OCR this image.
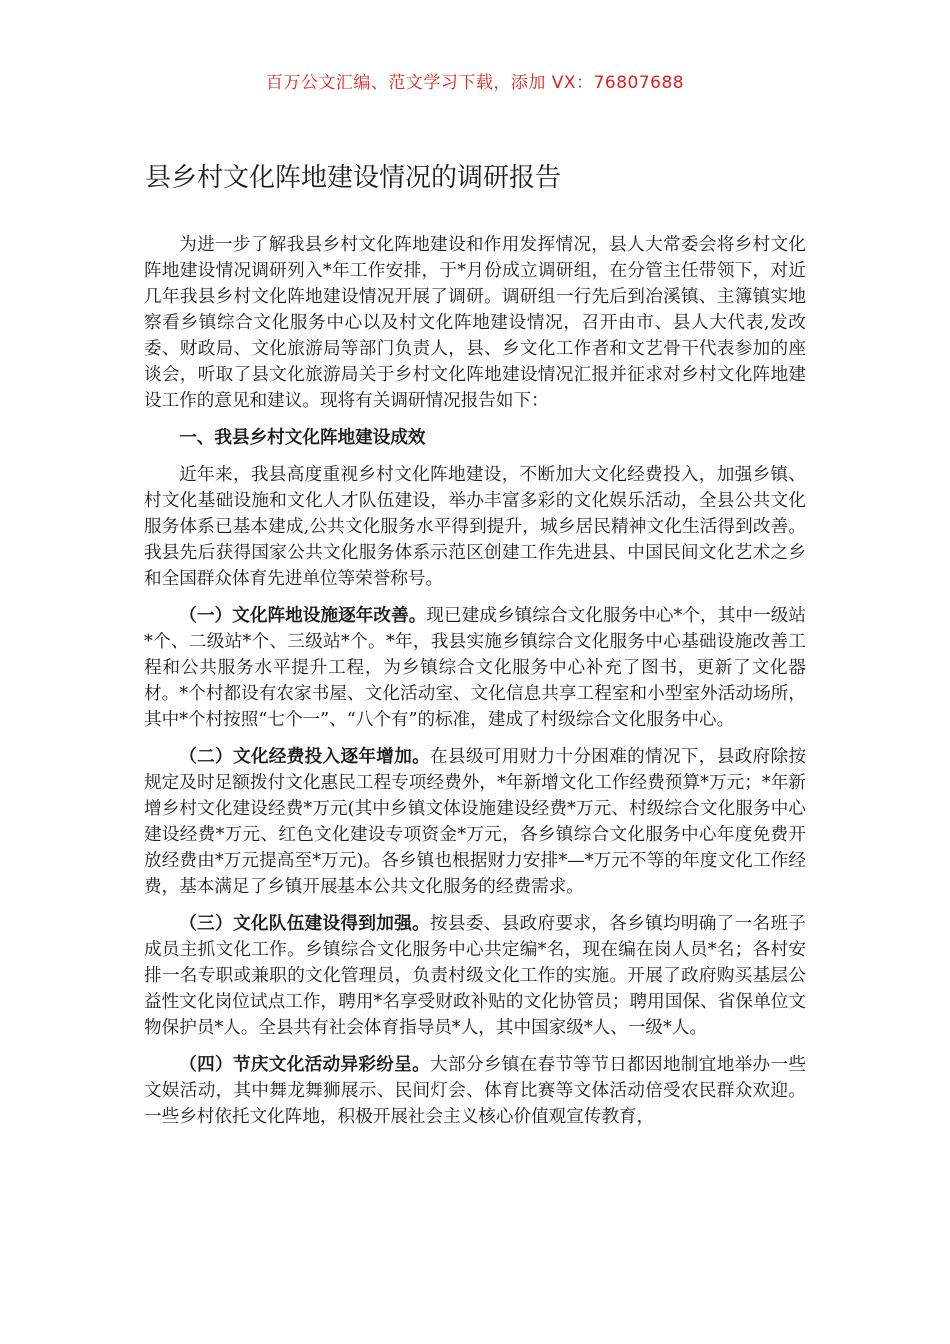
百万公文汇编、范文学习下载，添加 VX：76807688
县乡村文化阵地建设情况的调研报告

为进一步了解我县乡村文化阵地建设和作用发挥情况，县人大常委会将乡村文化阵地建设情况调研列入*年工作安排，于*月份成立调研组，在分管主任带领下，对近几年我县乡村文化阵地建设情况开展了调研。调研组一行先后到冶溪镇、主簿镇实地察看乡镇综合文化服务中心以及村文化阵地建设情况，召开由市、县人大代表,发改委、财政局、文化旅游局等部门负责人，县、乡文化工作者和文艺骨干代表参加的座谈会，听取了县文化旅游局关于乡村文化阵地建设情况汇报并征求对乡村文化阵地建设工作的意见和建议。现将有关调研情况报告如下：

一、我县乡村文化阵地建设成效

近年来，我县高度重视乡村文化阵地建设，不断加大文化经费投入，加强乡镇、村文化基础设施和文化人才队伍建设，举办丰富多彩的文化娱乐活动，全县公共文化服务体系已基本建成,公共文化服务水平得到提升，城乡居民精神文化生活得到改善。我县先后获得国家公共文化服务体系示范区创建工作先进县、中国民间文化艺术之乡和全国群众体育先进单位等荣誉称号。

（一）文化阵地设施逐年改善。现已建成乡镇综合文化服务中心*个，其中一级站*个、二级站*个、三级站*个。*年，我县实施乡镇综合文化服务中心基础设施改善工程和公共服务水平提升工程，为乡镇综合文化服务中心补充了图书，更新了文化器材。*个村都设有农家书屋、文化活动室、文化信息共享工程室和小型室外活动场所，其中*个村按照“七个一”、“八个有”的标准，建成了村级综合文化服务中心。

（二）文化经费投入逐年增加。在县级可用财力十分困难的情况下，县政府除按规定及时足额拨付文化惠民工程专项经费外，*年新增文化工作经费预算*万元；*年新增乡村文化建设经费*万元(其中乡镇文体设施建设经费*万元、村级综合文化服务中心建设经费*万元、红色文化建设专项资金*万元，各乡镇综合文化服务中心年度免费开放经费由*万元提高至*万元)。各乡镇也根据财力安排*—*万元不等的年度文化工作经费，基本满足了乡镇开展基本公共文化服务的经费需求。

（三）文化队伍建设得到加强。按县委、县政府要求，各乡镇均明确了一名班子成员主抓文化工作。乡镇综合文化服务中心共定编*名，现在编在岗人员*名；各村安排一名专职或兼职的文化管理员，负责村级文化工作的实施。开展了政府购买基层公益性文化岗位试点工作，聘用*名享受财政补贴的文化协管员；聘用国保、省保单位文物保护员*人。全县共有社会体育指导员*人，其中国家级*人、一级*人。

（四）节庆文化活动异彩纷呈。大部分乡镇在春节等节日都因地制宜地举办一些文娱活动，其中舞龙舞狮展示、民间灯会、体育比赛等文体活动倍受农民群众欢迎。一些乡村依托文化阵地，积极开展社会主义核心价值观宣传教育，
